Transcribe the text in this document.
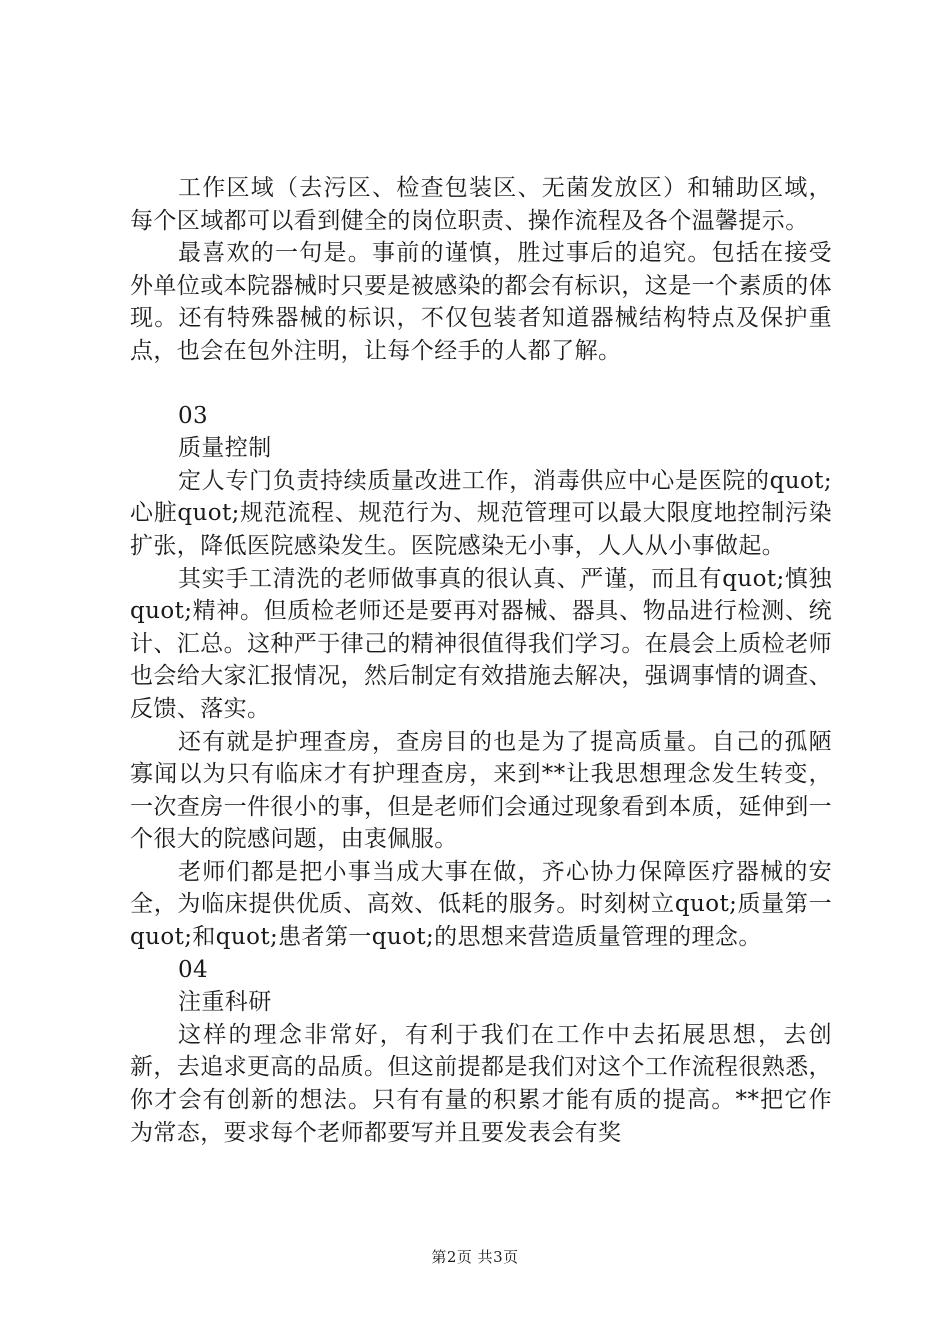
工作区域（去污区、检查包装区、无菌发放区）和辅助区域，每个区域都可以看到健全的岗位职责、操作流程及各个温馨提示。

最喜欢的一句是。事前的谨慎，胜过事后的追究。包括在接受外单位或本院器械时只要是被感染的都会有标识，这是一个素质的体现。还有特殊器械的标识，不仅包装者知道器械结构特点及保护重点，也会在包外注明，让每个经手的人都了解。

03
质量控制

定人专门负责持续质量改进工作，消毒供应中心是医院的quot;心脏quot;规范流程、规范行为、规范管理可以最大限度地控制污染扩张，降低医院感染发生。医院感染无小事，人人从小事做起。

其实手工清洗的老师做事真的很认真、严谨，而且有quot;慎独quot;精神。但质检老师还是要再对器械、器具、物品进行检测、统计、汇总。这种严于律己的精神很值得我们学习。在晨会上质检老师也会给大家汇报情况，然后制定有效措施去解决，强调事情的调查、反馈、落实。

还有就是护理查房，查房目的也是为了提高质量。自己的孤陋寡闻以为只有临床才有护理查房，来到**让我思想理念发生转变，一次查房一件很小的事，但是老师们会通过现象看到本质，延伸到一个很大的院感问题，由衷佩服。

老师们都是把小事当成大事在做，齐心协力保障医疗器械的安全，为临床提供优质、高效、低耗的服务。时刻树立quot;质量第一quot;和quot;患者第一quot;的思想来营造质量管理的理念。

04
注重科研

这样的理念非常好，有利于我们在工作中去拓展思想，去创新，去追求更高的品质。但这前提都是我们对这个工作流程很熟悉，你才会有创新的想法。只有有量的积累才能有质的提高。**把它作为常态，要求每个老师都要写并且要发表会有奖

第2页 共3页
